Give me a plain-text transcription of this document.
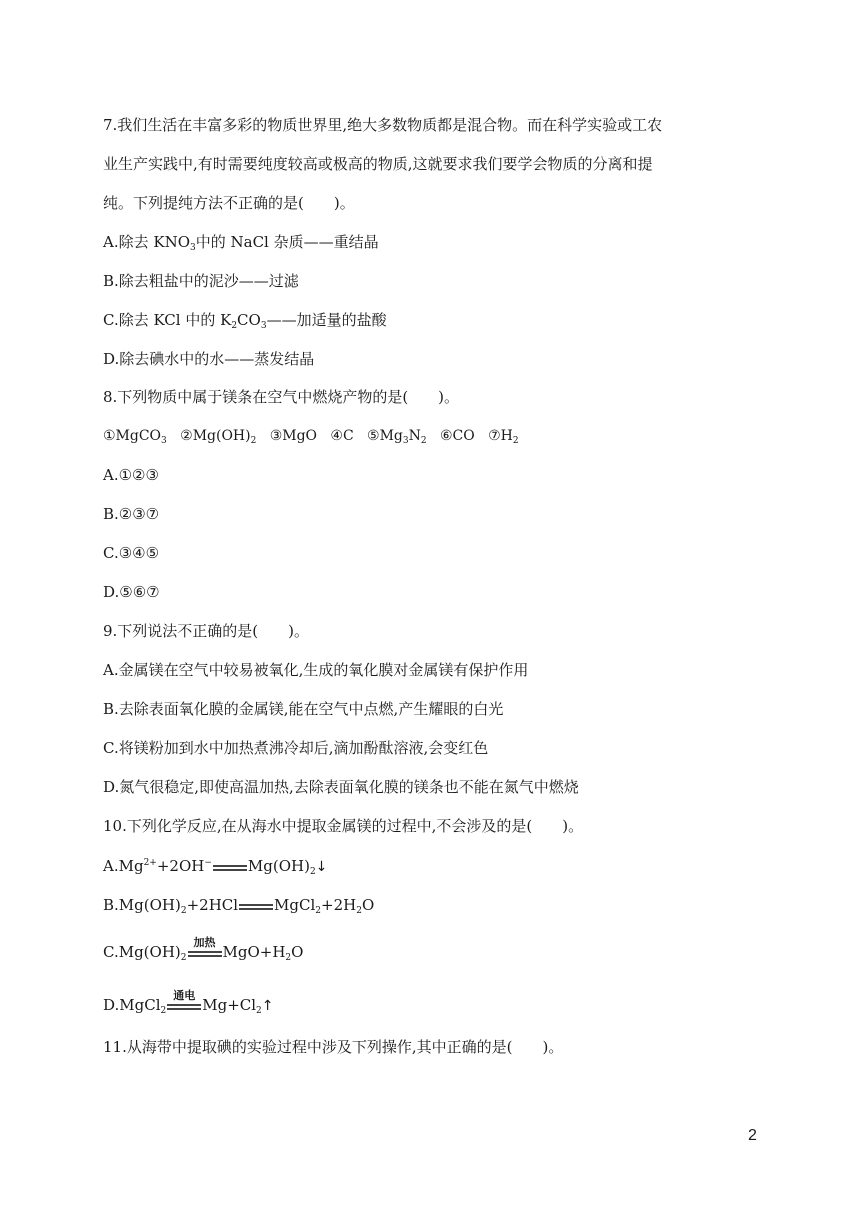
7.我们生活在丰富多彩的物质世界里,绝大多数物质都是混合物。而在科学实验或工农
业生产实践中,有时需要纯度较高或极高的物质,这就要求我们要学会物质的分离和提
纯。下列提纯方法不正确的是(　　)。
A.除去 $KNO_3$中的 NaCl 杂质——重结晶
B.除去粗盐中的泥沙——过滤
C.除去 KCl 中的 $K_2CO_3——$加适量的盐酸
D.除去碘水中的水——蒸发结晶
8.下列物质中属于镁条在空气中燃烧产物的是(　　)。
①MgCO$_3$ $②Mg(OH)_2$ ③MgO ④C $⑤Mg_3N_2$ ⑥CO $⑦H_2$
A.①②③
B.②③⑦
C.③④⑤
D.⑤⑥⑦
9.下列说法不正确的是(　　)。
A.金属镁在空气中较易被氧化,生成的氧化膜对金属镁有保护作用
B.去除表面氧化膜的金属镁,能在空气中点燃,产生耀眼的白光
C.将镁粉加到水中加热煮沸冷却后,滴加酚酞溶液,会变红色
D.氮气很稳定,即使高温加热,去除表面氧化膜的镁条也不能在氮气中燃烧
10.下列化学反应,在从海水中提取金属镁的过程中,不会涉及的是(　　)。
$A.Mg^{2+}+2OH^-$ $Mg(OH)_2↓$
$B.Mg(OH)_2+2HCl$ $MgCl_2+2H_2O$
$C.Mg(OH)_2$
加热
$MgO+H_2O$
D.MgCl$_2$
通电
$Mg+Cl_2↑$
11.从海带中提取碘的实验过程中涉及下列操作,其中正确的是(　　)。
2
